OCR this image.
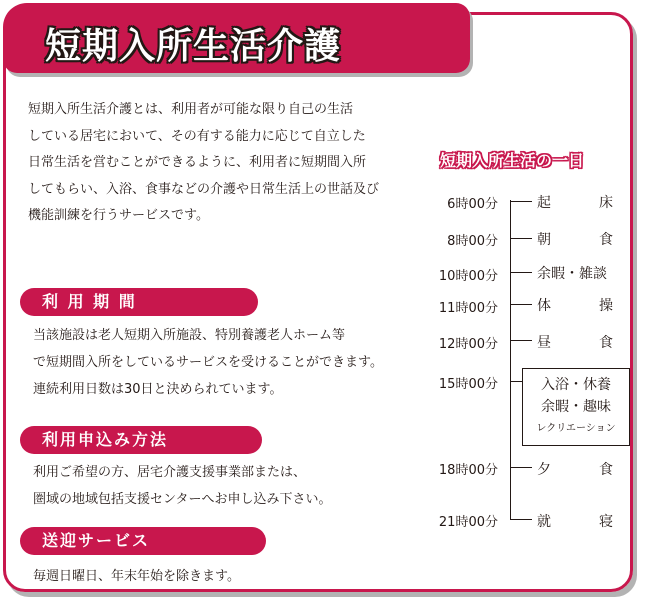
短期入所生活介護
短期入所生活介護とは、利用者が可能な限り自己の生活
している居宅において、その有する能力に応じて自立した
日常生活を営むことができるように、利用者に短期間入所
してもらい、入浴、食事などの介護や日常生活上の世話及び
機能訓練を行うサービスです。
利 用 期 間
当該施設は老人短期入所施設、特別養護老人ホーム等
で短期間入所をしているサービスを受けることができます。
連続利用日数は30日と決められています。
利用申込み方法
利用ご希望の方、居宅介護支援事業部または、
圏域の地域包括支援センターへお申し込み下さい。
送迎サービス
毎週日曜日、年末年始を除きます。
短期入所生活の一日
6時00分	起	床
8時00分	朝	食
10時00分	余暇・雑談
11時00分	体	操
12時00分	昼	食
15時00分	入浴・休養
余暇・趣味
レクリエーション
18時00分	夕	食
21時00分	就	寝
